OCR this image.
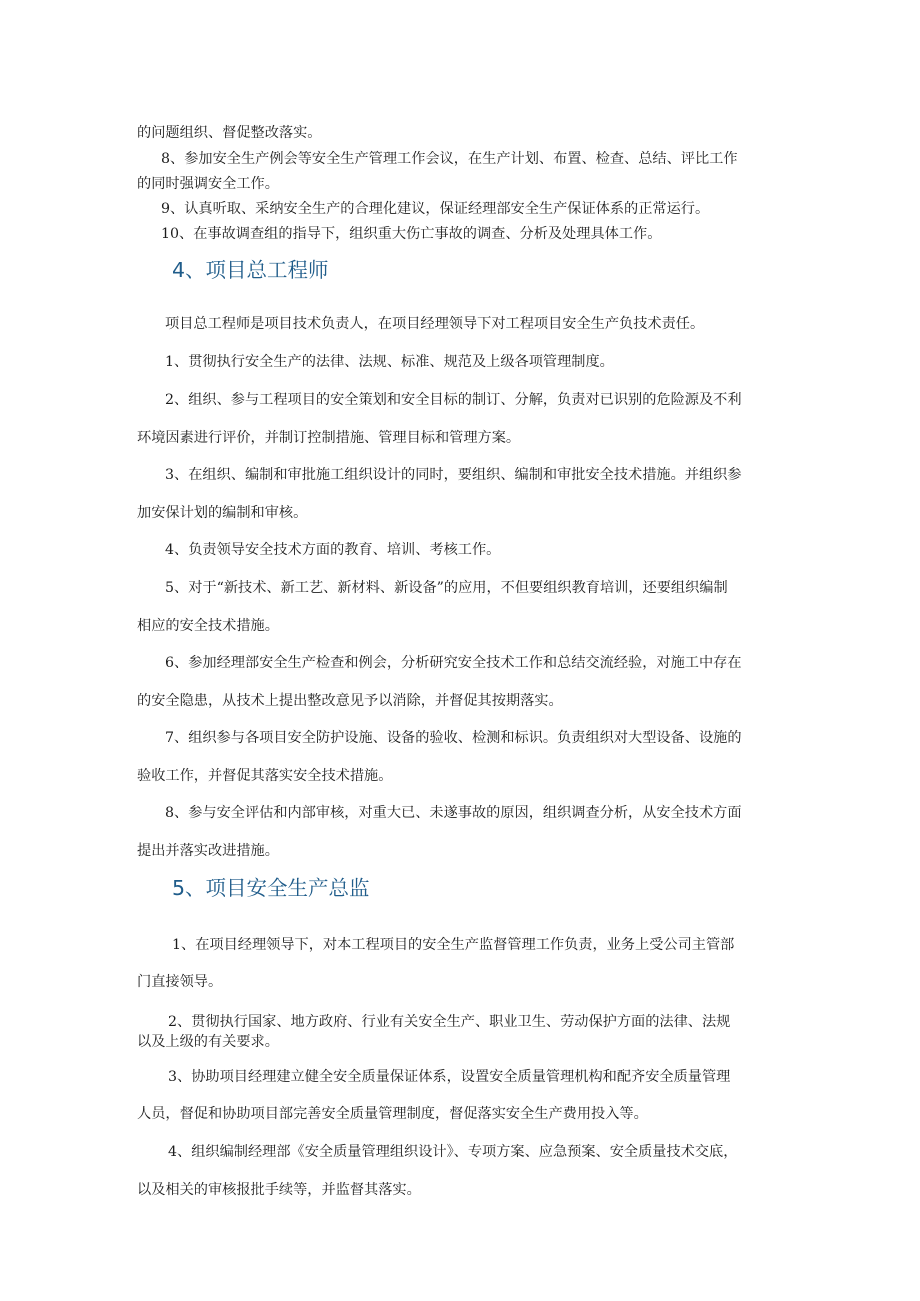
的问题组织、督促整改落实。
8、参加安全生产例会等安全生产管理工作会议，在生产计划、布置、检查、总结、评比工作
的同时强调安全工作。
9、认真听取、采纳安全生产的合理化建议，保证经理部安全生产保证体系的正常运行。
10、在事故调查组的指导下，组织重大伤亡事故的调查、分析及处理具体工作。
4、项目总工程师
项目总工程师是项目技术负责人，在项目经理领导下对工程项目安全生产负技术责任。
1、贯彻执行安全生产的法律、法规、标准、规范及上级各项管理制度。
2、组织、参与工程项目的安全策划和安全目标的制订、分解，负责对已识别的危险源及不利
环境因素进行评价，并制订控制措施、管理目标和管理方案。
3、在组织、编制和审批施工组织设计的同时，要组织、编制和审批安全技术措施。并组织参
加安保计划的编制和审核。
4、负责领导安全技术方面的教育、培训、考核工作。
5、对于“新技术、新工艺、新材料、新设备”的应用，不但要组织教育培训，还要组织编制
相应的安全技术措施。
6、参加经理部安全生产检查和例会，分析研究安全技术工作和总结交流经验，对施工中存在
的安全隐患，从技术上提出整改意见予以消除，并督促其按期落实。
7、组织参与各项目安全防护设施、设备的验收、检测和标识。负责组织对大型设备、设施的
验收工作，并督促其落实安全技术措施。
8、参与安全评估和内部审核，对重大已、未遂事故的原因，组织调查分析，从安全技术方面
提出并落实改进措施。
5、项目安全生产总监
1、在项目经理领导下，对本工程项目的安全生产监督管理工作负责，业务上受公司主管部
门直接领导。
2、贯彻执行国家、地方政府、行业有关安全生产、职业卫生、劳动保护方面的法律、法规
以及上级的有关要求。
3、协助项目经理建立健全安全质量保证体系，设置安全质量管理机构和配齐安全质量管理
人员，督促和协助项目部完善安全质量管理制度，督促落实安全生产费用投入等。
4、组织编制经理部《安全质量管理组织设计》、专项方案、应急预案、安全质量技术交底，
以及相关的审核报批手续等，并监督其落实。
